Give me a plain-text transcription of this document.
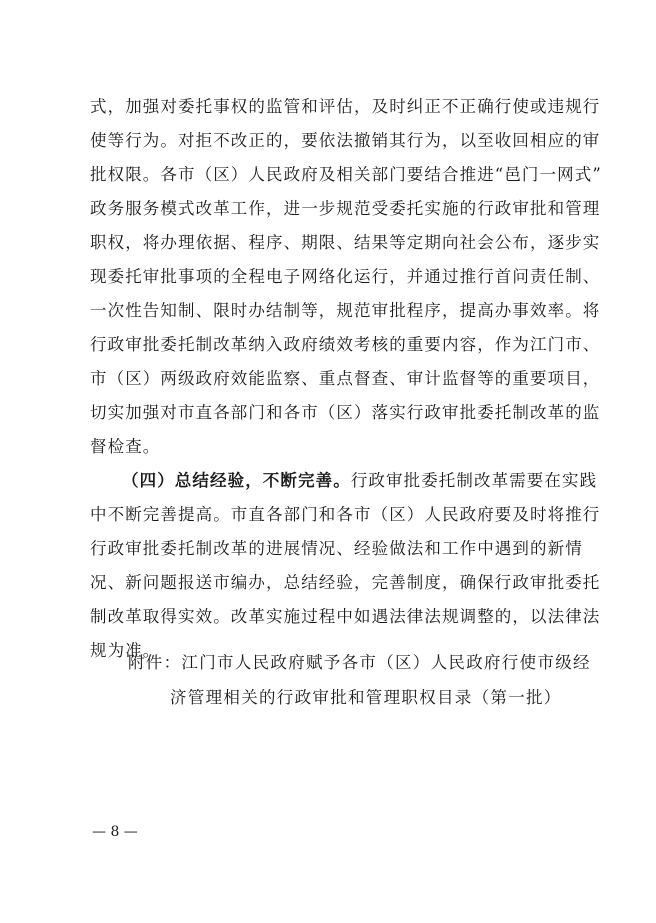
式，加强对委托事权的监管和评估，及时纠正不正确行使或违规行
使等行为。对拒不改正的，要依法撤销其行为，以至收回相应的审
批权限。各市（区）人民政府及相关部门要结合推进“邑门一网式”
政务服务模式改革工作，进一步规范受委托实施的行政审批和管理
职权，将办理依据、程序、期限、结果等定期向社会公布，逐步实
现委托审批事项的全程电子网络化运行，并通过推行首问责任制、
一次性告知制、限时办结制等，规范审批程序，提高办事效率。将
行政审批委托制改革纳入政府绩效考核的重要内容，作为江门市、
市（区）两级政府效能监察、重点督查、审计监督等的重要项目，
切实加强对市直各部门和各市（区）落实行政审批委托制改革的监
督检查。
（四）总结经验，不断完善。行政审批委托制改革需要在实践
中不断完善提高。市直各部门和各市（区）人民政府要及时将推行
行政审批委托制改革的进展情况、经验做法和工作中遇到的新情
况、新问题报送市编办，总结经验，完善制度，确保行政审批委托
制改革取得实效。改革实施过程中如遇法律法规调整的，以法律法
规为准。
附件：江门市人民政府赋予各市（区）人民政府行使市级经
济管理相关的行政审批和管理职权目录（第一批）
— 8 —
